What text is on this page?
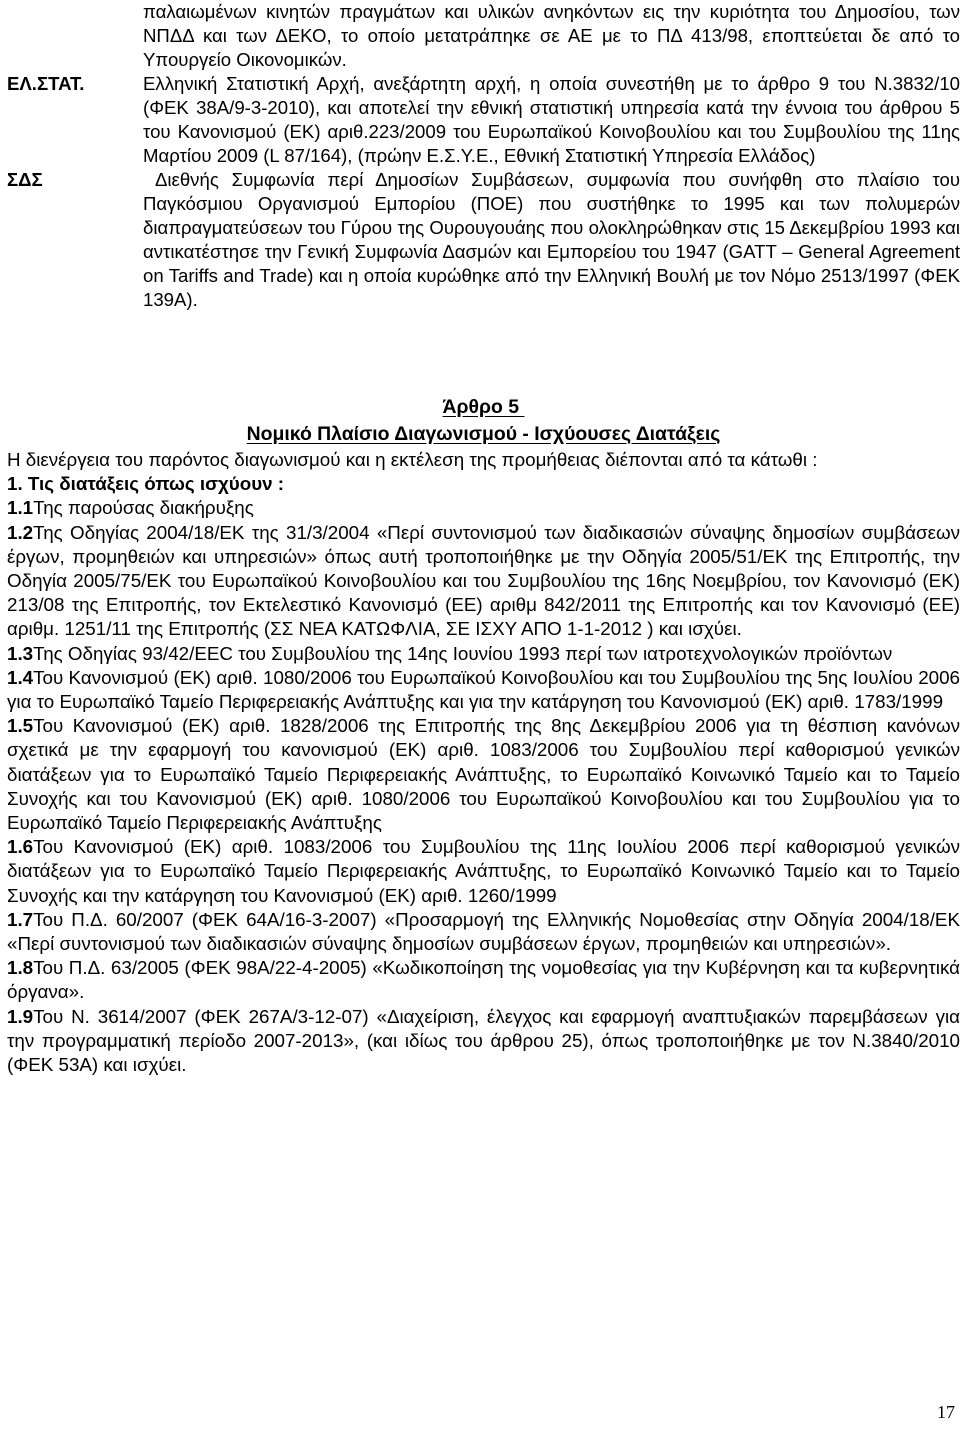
παλαιωμένων κινητών πραγμάτων και υλικών ανηκόντων εις την κυριότητα του Δημοσίου, των ΝΠΔΔ και των ΔΕΚΟ, το οποίο μετατράπηκε σε ΑΕ με το ΠΔ 413/98, εποπτεύεται δε από το Υπουργείο Οικονομικών.
ΕΛ.ΣΤΑΤ.	Ελληνική Στατιστική Αρχή, ανεξάρτητη αρχή, η οποία συνεστήθη με το άρθρο 9 του Ν.3832/10 (ΦΕΚ 38Α/9-3-2010), και αποτελεί την εθνική στατιστική υπηρεσία κατά την έννοια του άρθρου 5 του Κανονισμού (ΕΚ) αριθ.223/2009 του Ευρωπαϊκού Κοινοβουλίου και του Συμβουλίου της 11ης Μαρτίου 2009 (L 87/164), (πρώην Ε.Σ.Υ.Ε., Εθνική Στατιστική Υπηρεσία Ελλάδος)
ΣΔΣ	Διεθνής Συμφωνία περί Δημοσίων Συμβάσεων, συμφωνία που συνήφθη στο πλαίσιο του Παγκόσμιου Οργανισμού Εμπορίου (ΠΟΕ) που συστήθηκε το 1995 και των πολυμερών διαπραγματεύσεων του Γύρου της Ουρουγουάης που ολοκληρώθηκαν στις 15 Δεκεμβρίου 1993 και αντικατέστησε την Γενική Συμφωνία Δασμών και Εμπορείου του 1947 (GATT – General Agreement on Tariffs and Trade) και η οποία κυρώθηκε από την Ελληνική Βουλή με τον Νόμο 2513/1997 (ΦΕΚ 139Α).
Άρθρο 5
Νομικό Πλαίσιο Διαγωνισμού - Ισχύουσες Διατάξεις

Η διενέργεια του παρόντος διαγωνισμού και η εκτέλεση της προμήθειας διέπονται από τα κάτωθι :

1. Τις διατάξεις όπως ισχύουν :

1.1Της παρούσας διακήρυξης

1.2Της Οδηγίας 2004/18/ΕΚ της 31/3/2004 «Περί συντονισμού των διαδικασιών σύναψης δημοσίων συμβάσεων έργων, προμηθειών και υπηρεσιών» όπως αυτή τροποποιήθηκε με την Οδηγία 2005/51/ΕΚ της Επιτροπής, την Οδηγία 2005/75/ΕΚ του Ευρωπαϊκού Κοινοβουλίου και του Συμβουλίου της 16ης Νοεμβρίου, τον Κανονισμό (ΕΚ) 213/08 της Επιτροπής, τον Εκτελεστικό Κανονισμό (ΕΕ) αριθμ 842/2011 της Επιτροπής και τον Κανονισμό (ΕΕ) αριθμ. 1251/11 της Επιτροπής (ΣΣ ΝΕΑ ΚΑΤΩΦΛΙΑ, ΣΕ ΙΣΧΥ ΑΠΟ 1-1-2012 ) και ισχύει.

1.3Της Οδηγίας 93/42/ΕΕC του Συμβουλίου της 14ης Ιουνίου 1993 περί των ιατροτεχνολογικών προϊόντων

1.4Του Κανονισμού (ΕΚ) αριθ. 1080/2006 του Ευρωπαϊκού Κοινοβουλίου και του Συμβουλίου της 5ης Ιουλίου 2006 για το Ευρωπαϊκό Ταμείο Περιφερειακής Ανάπτυξης και για την κατάργηση του Κανονισμού (ΕΚ) αριθ. 1783/1999

1.5Του Κανονισμού (ΕΚ) αριθ. 1828/2006 της Επιτροπής της 8ης Δεκεμβρίου 2006 για τη θέσπιση κανόνων σχετικά με την εφαρμογή του κανονισμού (ΕΚ) αριθ. 1083/2006 του Συμβουλίου περί καθορισμού γενικών διατάξεων για το Ευρωπαϊκό Ταμείο Περιφερειακής Ανάπτυξης, το Ευρωπαϊκό Κοινωνικό Ταμείο και το Ταμείο Συνοχής και του Κανονισμού (ΕΚ) αριθ. 1080/2006 του Ευρωπαϊκού Κοινοβουλίου και του Συμβουλίου για το Ευρωπαϊκό Ταμείο Περιφερειακής Ανάπτυξης

1.6Του Κανονισμού (ΕΚ) αριθ. 1083/2006 του Συμβουλίου της 11ης Ιουλίου 2006 περί καθορισμού γενικών διατάξεων για το Ευρωπαϊκό Ταμείο Περιφερειακής Ανάπτυξης, το Ευρωπαϊκό Κοινωνικό Ταμείο και το Ταμείο Συνοχής και την κατάργηση του Κανονισμού (ΕΚ) αριθ. 1260/1999

1.7Του Π.Δ. 60/2007 (ΦΕΚ 64Α/16-3-2007) «Προσαρμογή της Ελληνικής Νομοθεσίας στην Οδηγία 2004/18/ΕΚ «Περί συντονισμού των διαδικασιών σύναψης δημοσίων συμβάσεων έργων, προμηθειών και υπηρεσιών».

1.8Του Π.Δ. 63/2005 (ΦΕΚ 98Α/22-4-2005) «Κωδικοποίηση της νομοθεσίας για την Κυβέρνηση και τα κυβερνητικά όργανα».

1.9Του Ν. 3614/2007 (ΦΕΚ 267Α/3-12-07) «Διαχείριση, έλεγχος και εφαρμογή αναπτυξιακών παρεμβάσεων για την προγραμματική περίοδο 2007-2013», (και ιδίως του άρθρου 25), όπως τροποποιήθηκε με τον Ν.3840/2010 (ΦΕΚ 53Α) και ισχύει.

17
